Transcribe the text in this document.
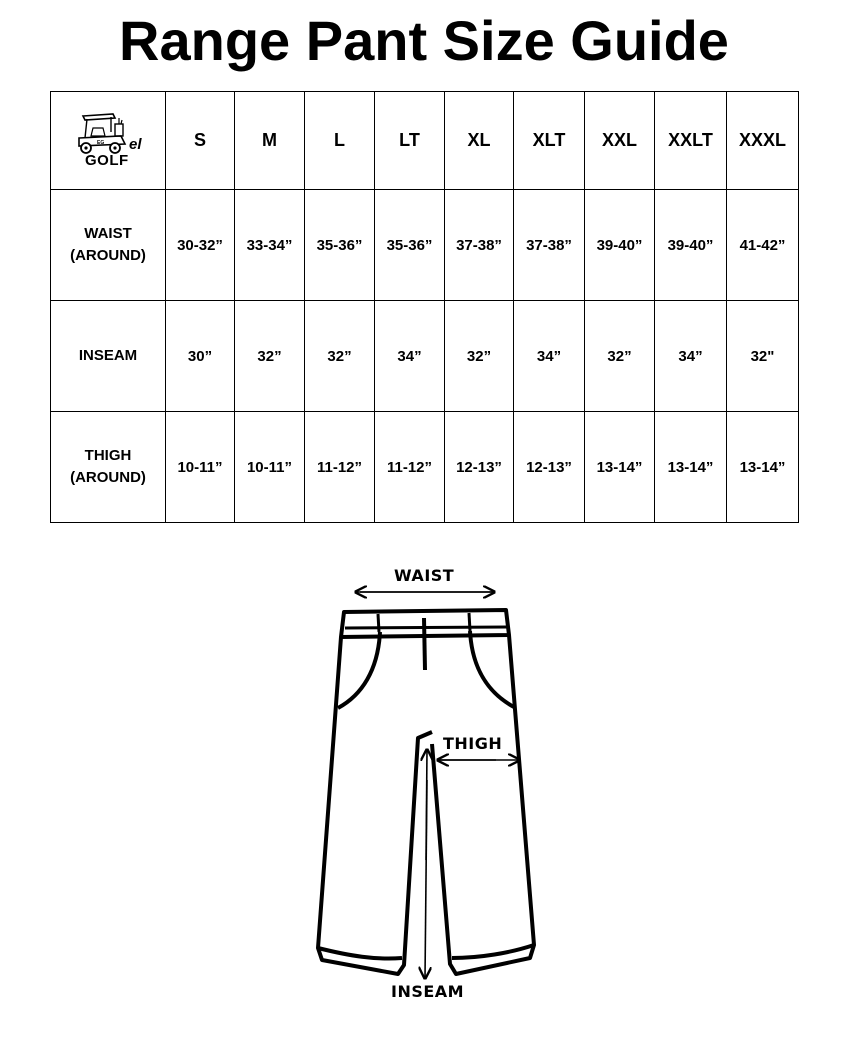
Range Pant Size Guide
EG el
GOLF	S	M	L	LT	XL	XLT	XXL	XXLT	XXXL

WAIST
(AROUND)	30-32”	33-34”	35-36”	35-36”	37-38”	37-38”	39-40”	39-40”	41-42”

INSEAM	30”	32”	32”	34”	32”	34”	32”	34”	32"

THIGH
(AROUND)	10-11”	10-11”	11-12”	11-12”	12-13”	12-13”	13-14”	13-14”	13-14”
WAIST
THIGH
INSEAM
